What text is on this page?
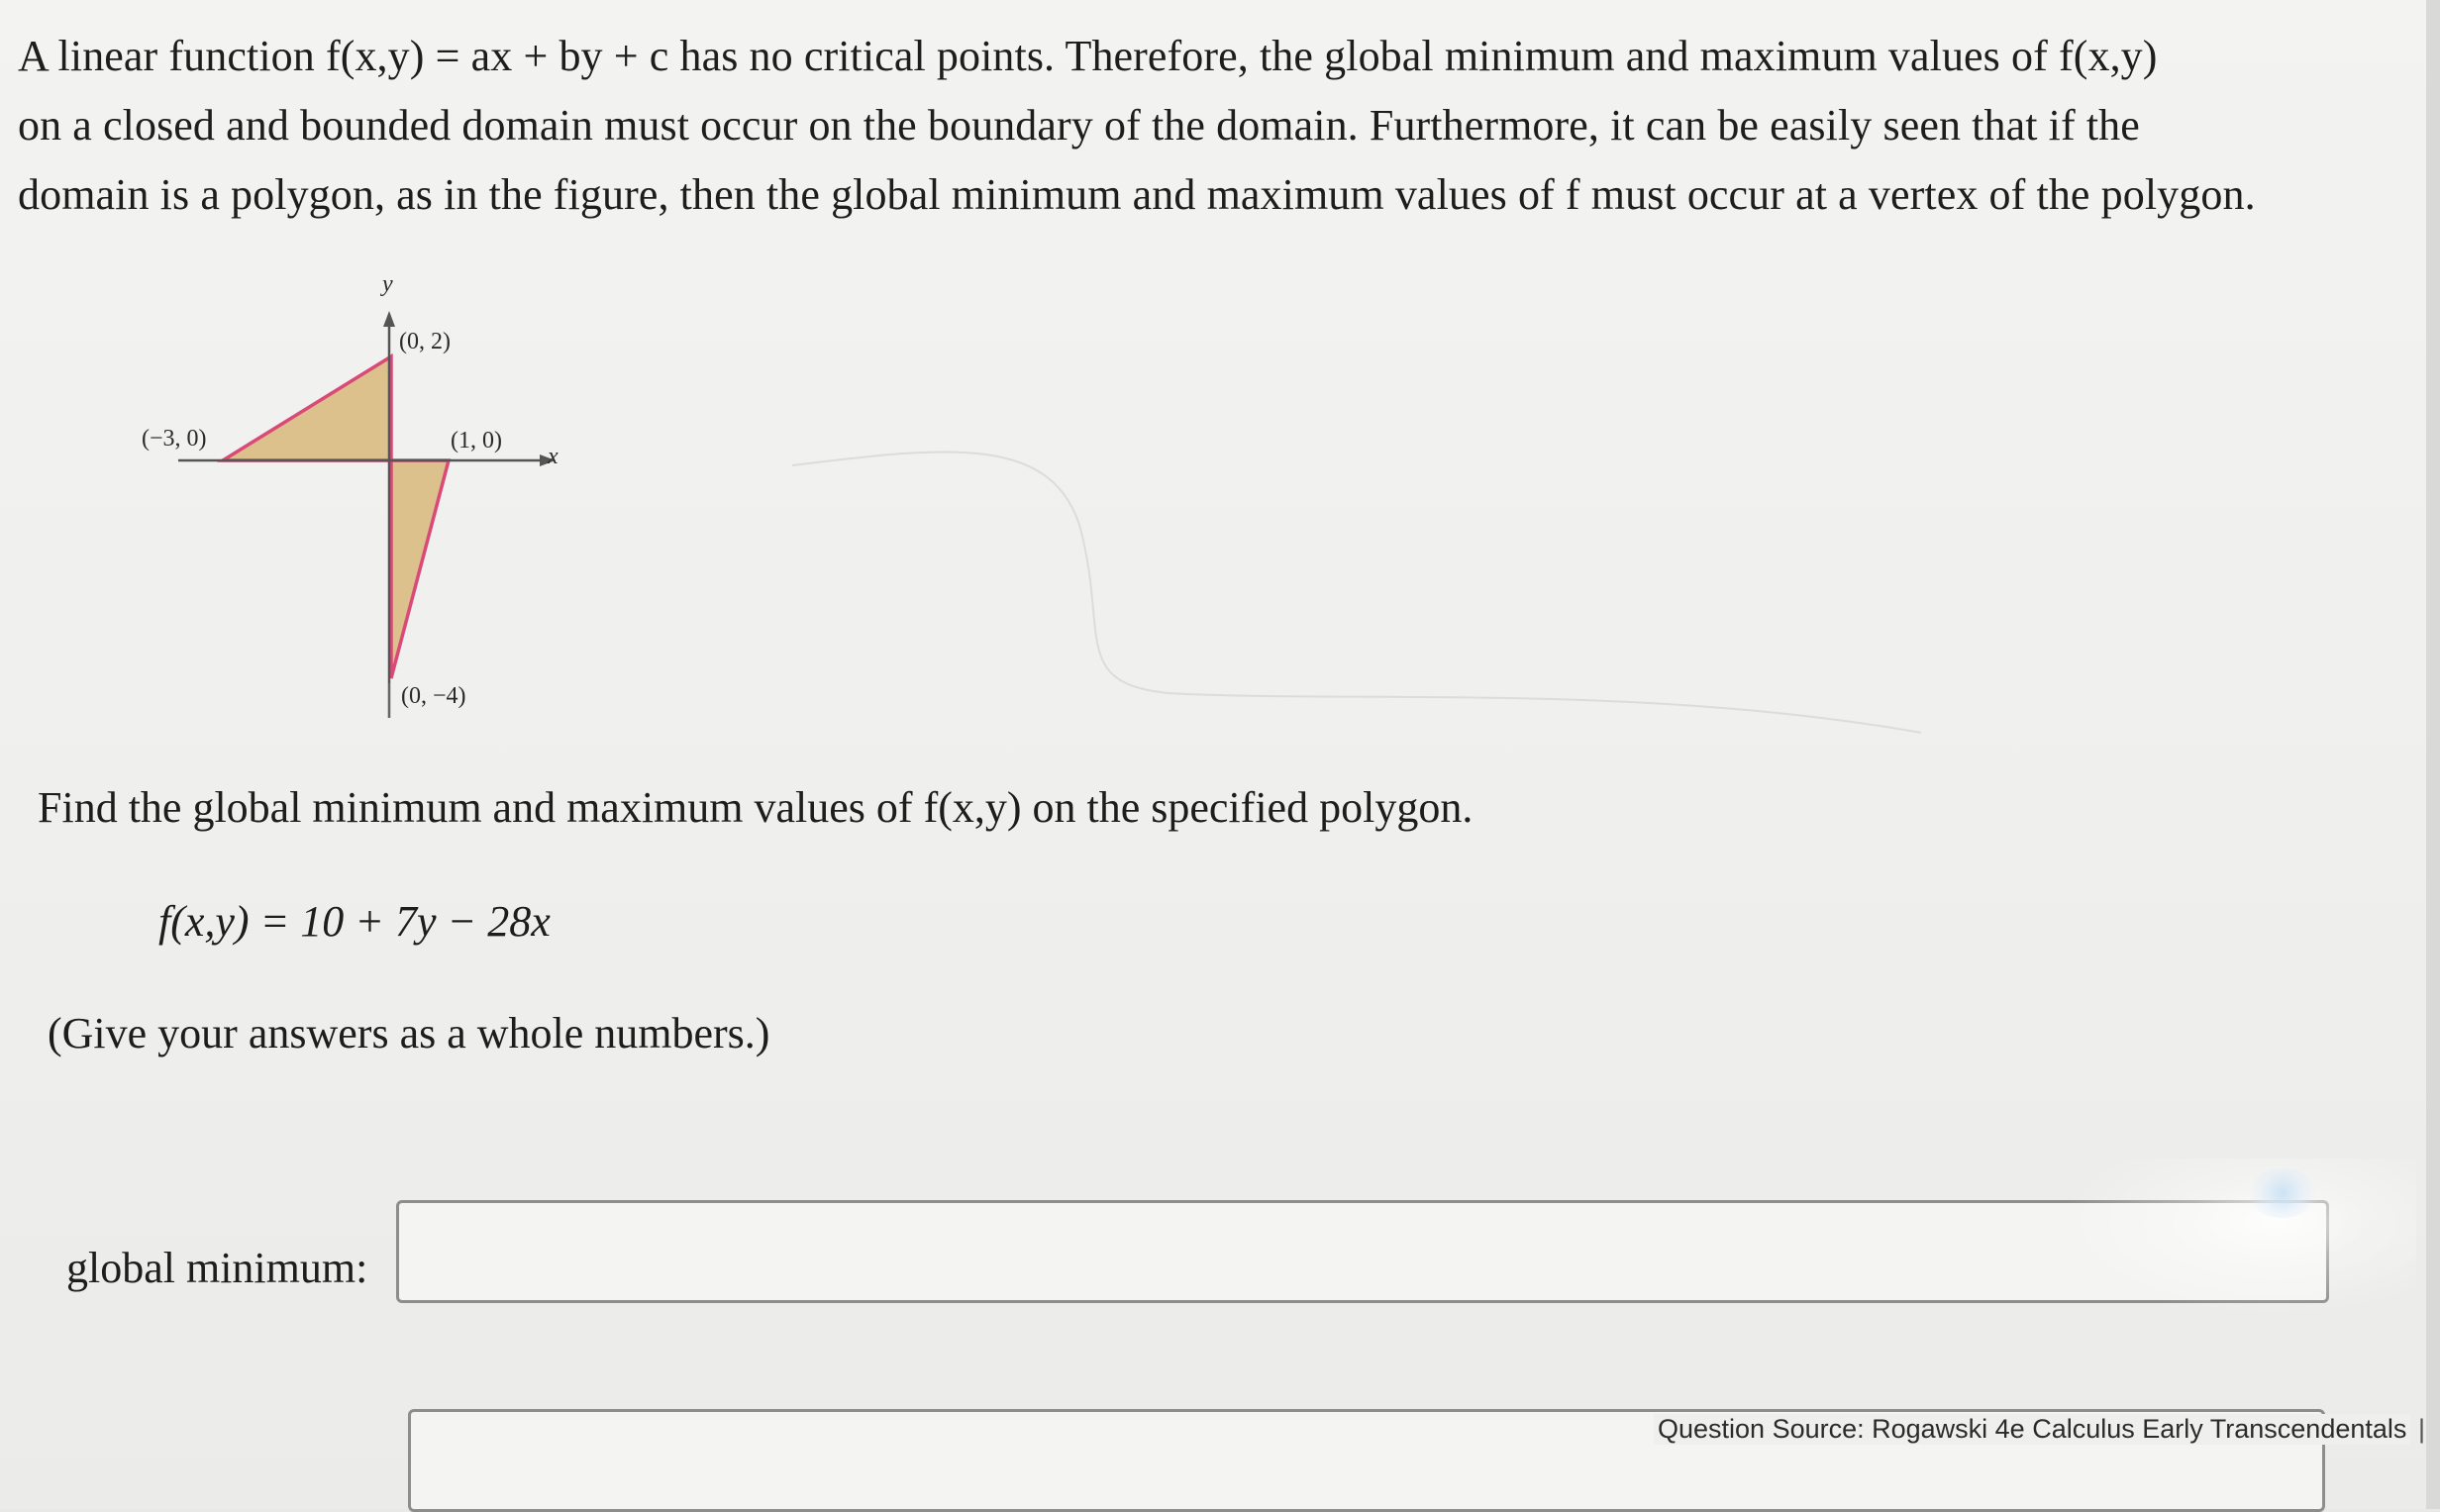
A linear function f(x,y) = ax + by + c has no critical points. Therefore, the global minimum and maximum values of f(x,y)
on a closed and bounded domain must occur on the boundary of the domain. Furthermore, it can be easily seen that if the
domain is a polygon, as in the figure, then the global minimum and maximum values of f must occur at a vertex of the polygon.
y
x
(0, 2)
(−3, 0)	(1, 0)
(0, −4)
Find the global minimum and maximum values of f(x,y) on the specified polygon.
f(x,y) = 10 + 7y − 28x
(Give your answers as a whole numbers.)
global minimum:
Question Source: Rogawski 4e Calculus Early Transcendentals |
